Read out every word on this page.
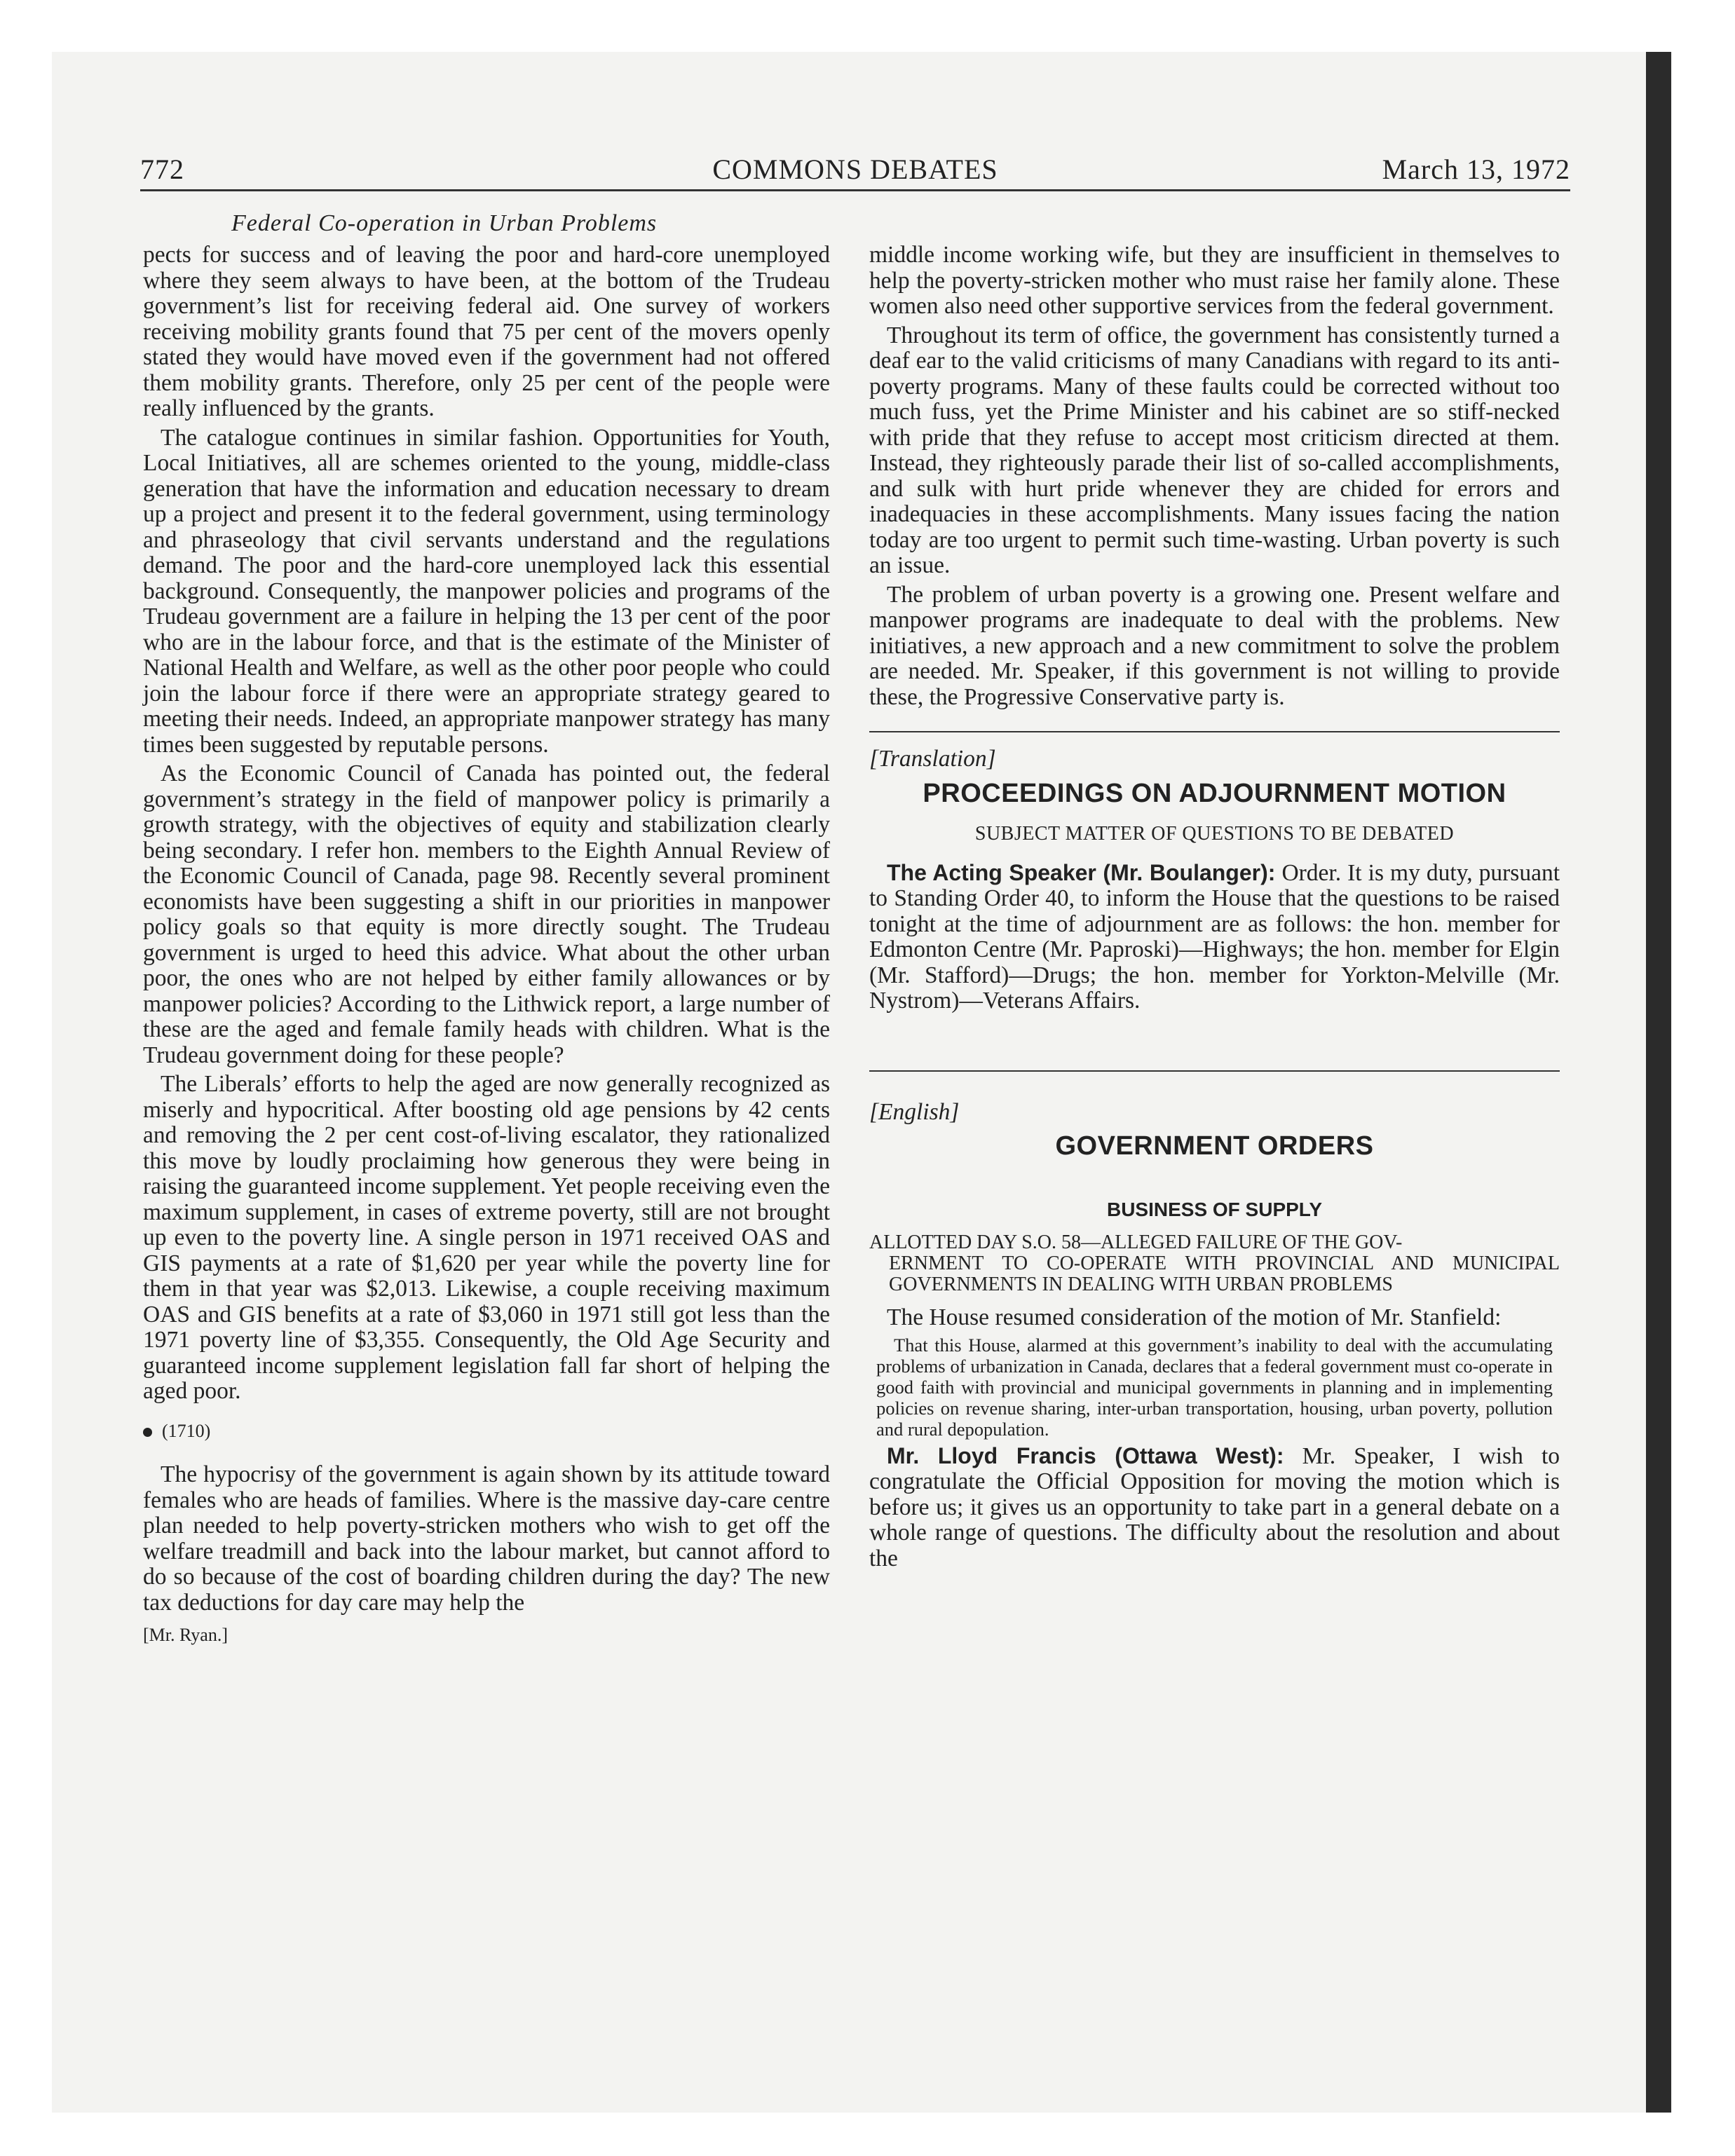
772	COMMONS DEBATES	March 13, 1972
Federal Co-operation in Urban Problems

pects for success and of leaving the poor and hard-core unemployed where they seem always to have been, at the bottom of the Trudeau government’s list for receiving federal aid. One survey of workers receiving mobility grants found that 75 per cent of the movers openly stated they would have moved even if the government had not offered them mobility grants. Therefore, only 25 per cent of the people were really influenced by the grants.

The catalogue continues in similar fashion. Opportunities for Youth, Local Initiatives, all are schemes oriented to the young, middle-class generation that have the information and education necessary to dream up a project and present it to the federal government, using terminology and phraseology that civil servants understand and the regulations demand. The poor and the hard-core unemployed lack this essential background. Consequently, the manpower policies and programs of the Trudeau government are a failure in helping the 13 per cent of the poor who are in the labour force, and that is the estimate of the Minister of National Health and Welfare, as well as the other poor people who could join the labour force if there were an appropriate strategy geared to meeting their needs. Indeed, an appropriate manpower strategy has many times been suggested by reputable persons.

As the Economic Council of Canada has pointed out, the federal government’s strategy in the field of manpower policy is primarily a growth strategy, with the objectives of equity and stabilization clearly being secondary. I refer hon. members to the Eighth Annual Review of the Economic Council of Canada, page 98. Recently several prominent economists have been suggesting a shift in our priorities in manpower policy goals so that equity is more directly sought. The Trudeau government is urged to heed this advice. What about the other urban poor, the ones who are not helped by either family allowances or by manpower policies? According to the Lithwick report, a large number of these are the aged and female family heads with children. What is the Trudeau government doing for these people?

The Liberals’ efforts to help the aged are now generally recognized as miserly and hypocritical. After boosting old age pensions by 42 cents and removing the 2 per cent cost-of-living escalator, they rationalized this move by loudly proclaiming how generous they were being in raising the guaranteed income supplement. Yet people receiving even the maximum supplement, in cases of extreme poverty, still are not brought up even to the poverty line. A single person in 1971 received OAS and GIS payments at a rate of $1,620 per year while the poverty line for them in that year was $2,013. Likewise, a couple receiving maximum OAS and GIS benefits at a rate of $3,060 in 1971 still got less than the 1971 poverty line of $3,355. Consequently, the Old Age Security and guaranteed income supplement legislation fall far short of helping the aged poor.

(1710)

The hypocrisy of the government is again shown by its attitude toward females who are heads of families. Where is the massive day-care centre plan needed to help poverty-stricken mothers who wish to get off the welfare treadmill and back into the labour market, but cannot afford to do so because of the cost of boarding children during the day? The new tax deductions for day care may help the

[Mr. Ryan.]

middle income working wife, but they are insufficient in themselves to help the poverty-stricken mother who must raise her family alone. These women also need other supportive services from the federal government.

Throughout its term of office, the government has consistently turned a deaf ear to the valid criticisms of many Canadians with regard to its anti-poverty programs. Many of these faults could be corrected without too much fuss, yet the Prime Minister and his cabinet are so stiff-necked with pride that they refuse to accept most criticism directed at them. Instead, they righteously parade their list of so-called accomplishments, and sulk with hurt pride whenever they are chided for errors and inadequacies in these accomplishments. Many issues facing the nation today are too urgent to permit such time-wasting. Urban poverty is such an issue.

The problem of urban poverty is a growing one. Present welfare and manpower programs are inadequate to deal with the problems. New initiatives, a new approach and a new commitment to solve the problem are needed. Mr. Speaker, if this government is not willing to provide these, the Progressive Conservative party is.

[Translation]
PROCEEDINGS ON ADJOURNMENT MOTION
SUBJECT MATTER OF QUESTIONS TO BE DEBATED

The Acting Speaker (Mr. Boulanger): Order. It is my duty, pursuant to Standing Order 40, to inform the House that the questions to be raised tonight at the time of adjournment are as follows: the hon. member for Edmonton Centre (Mr. Paproski)—Highways; the hon. member for Elgin (Mr. Stafford)—Drugs; the hon. member for Yorkton-Melville (Mr. Nystrom)—Veterans Affairs.

[English]
GOVERNMENT ORDERS
BUSINESS OF SUPPLY
ALLOTTED DAY S.O. 58—ALLEGED FAILURE OF THE GOV-
ERNMENT TO CO-OPERATE WITH PROVINCIAL AND MUNICIPAL GOVERNMENTS IN DEALING WITH URBAN PROBLEMS

The House resumed consideration of the motion of Mr. Stanfield:

That this House, alarmed at this government’s inability to deal with the accumulating problems of urbanization in Canada, declares that a federal government must co-operate in good faith with provincial and municipal governments in planning and in implementing policies on revenue sharing, inter-urban transportation, housing, urban poverty, pollution and rural depopulation.

Mr. Lloyd Francis (Ottawa West): Mr. Speaker, I wish to congratulate the Official Opposition for moving the motion which is before us; it gives us an opportunity to take part in a general debate on a whole range of questions. The difficulty about the resolution and about the
